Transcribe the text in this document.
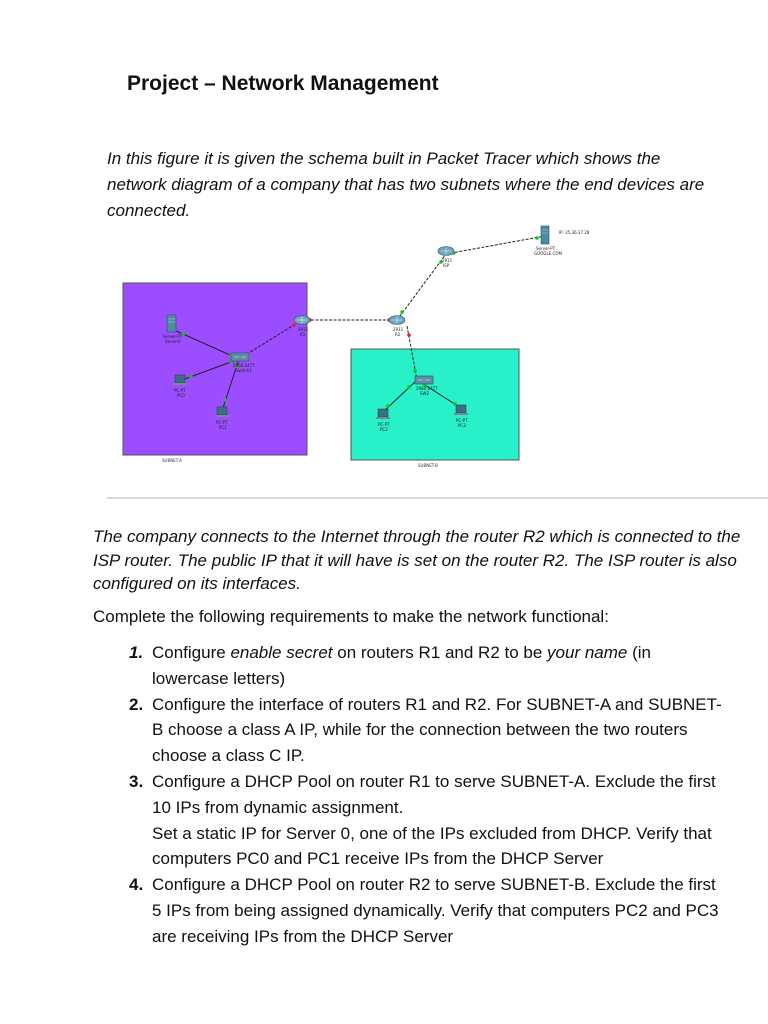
Project – Network Management

In this figure it is given the schema built in Packet Tracer which shows the network diagram of a company that has two subnets where the end devices are connected.

Server-PT
Server0
2960-24TT
Switch1
PC-PT
PC0
PC-PT
PC1
2911
R1
2911
R2
2911
ISP
IP: 25.36.37.28
Server-PT
GOOGLE.COM
2960-24TT
SW2
PC-PT
PC2
PC-PT
PC3
SUBNET-A
SUBNET-B

The company connects to the Internet through the router R2 which is connected to the ISP router. The public IP that it will have is set on the router R2. The ISP router is also configured on its interfaces.

Complete the following requirements to make the network functional:

1. Configure enable secret on routers R1 and R2 to be your name (in lowercase letters)
2. Configure the interface of routers R1 and R2. For SUBNET-A and SUBNET-B choose a class A IP, while for the connection between the two routers choose a class C IP.
3. Configure a DHCP Pool on router R1 to serve SUBNET-A. Exclude the first 10 IPs from dynamic assignment.
Set a static IP for Server 0, one of the IPs excluded from DHCP. Verify that computers PC0 and PC1 receive IPs from the DHCP Server
4. Configure a DHCP Pool on router R2 to serve SUBNET-B. Exclude the first 5 IPs from being assigned dynamically. Verify that computers PC2 and PC3 are receiving IPs from the DHCP Server
